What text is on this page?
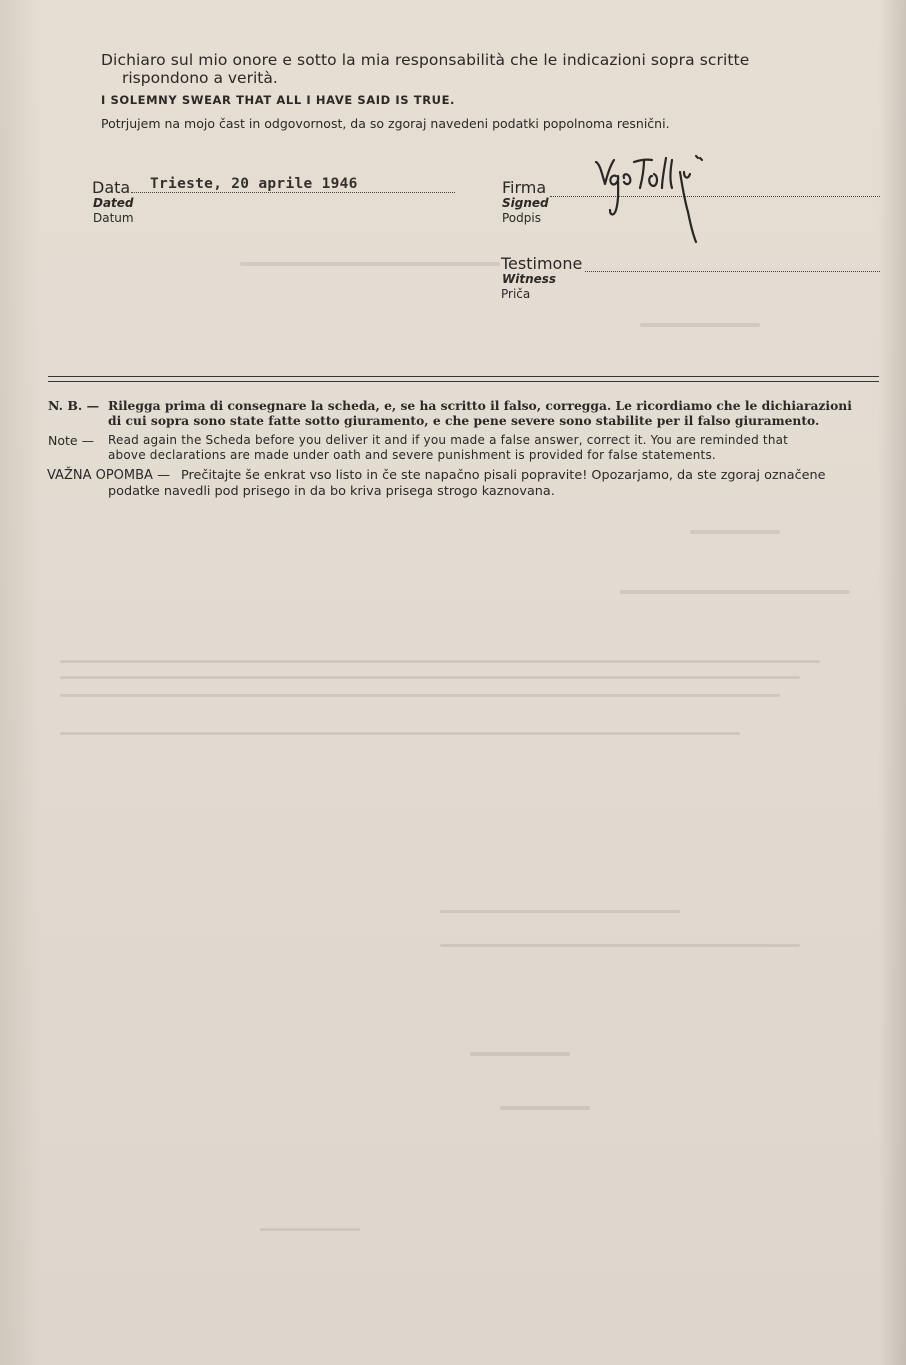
Dichiaro sul mio onore e sotto la mia responsabilità che le indicazioni sopra scritte
rispondono a verità.
I SOLEMNY SWEAR THAT ALL I HAVE SAID IS TRUE.
Potrjujem na mojo čast in odgovornost, da so zgoraj navedeni podatki popolnoma resnični.
Data
Dated
Datum
Trieste, 20 aprile 1946	Firma
Signed
Podpis
Testimone
Witness
Priča
N. B. — Rilegga prima di consegnare la scheda, e, se ha scritto il falso, corregga. Le ricordiamo che le dichiarazioni
di cui sopra sono state fatte sotto giuramento, e che pene severe sono stabilite per il falso giuramento.
Note — Read again the Scheda before you deliver it and if you made a false answer, correct it. You are reminded that
above declarations are made under oath and severe punishment is provided for false statements.
VAŽNA OPOMBA — Prečitajte še enkrat vso listo in če ste napačno pisali popravite! Opozarjamo, da ste zgoraj označene
podatke navedli pod prisego in da bo kriva prisega strogo kaznovana.
